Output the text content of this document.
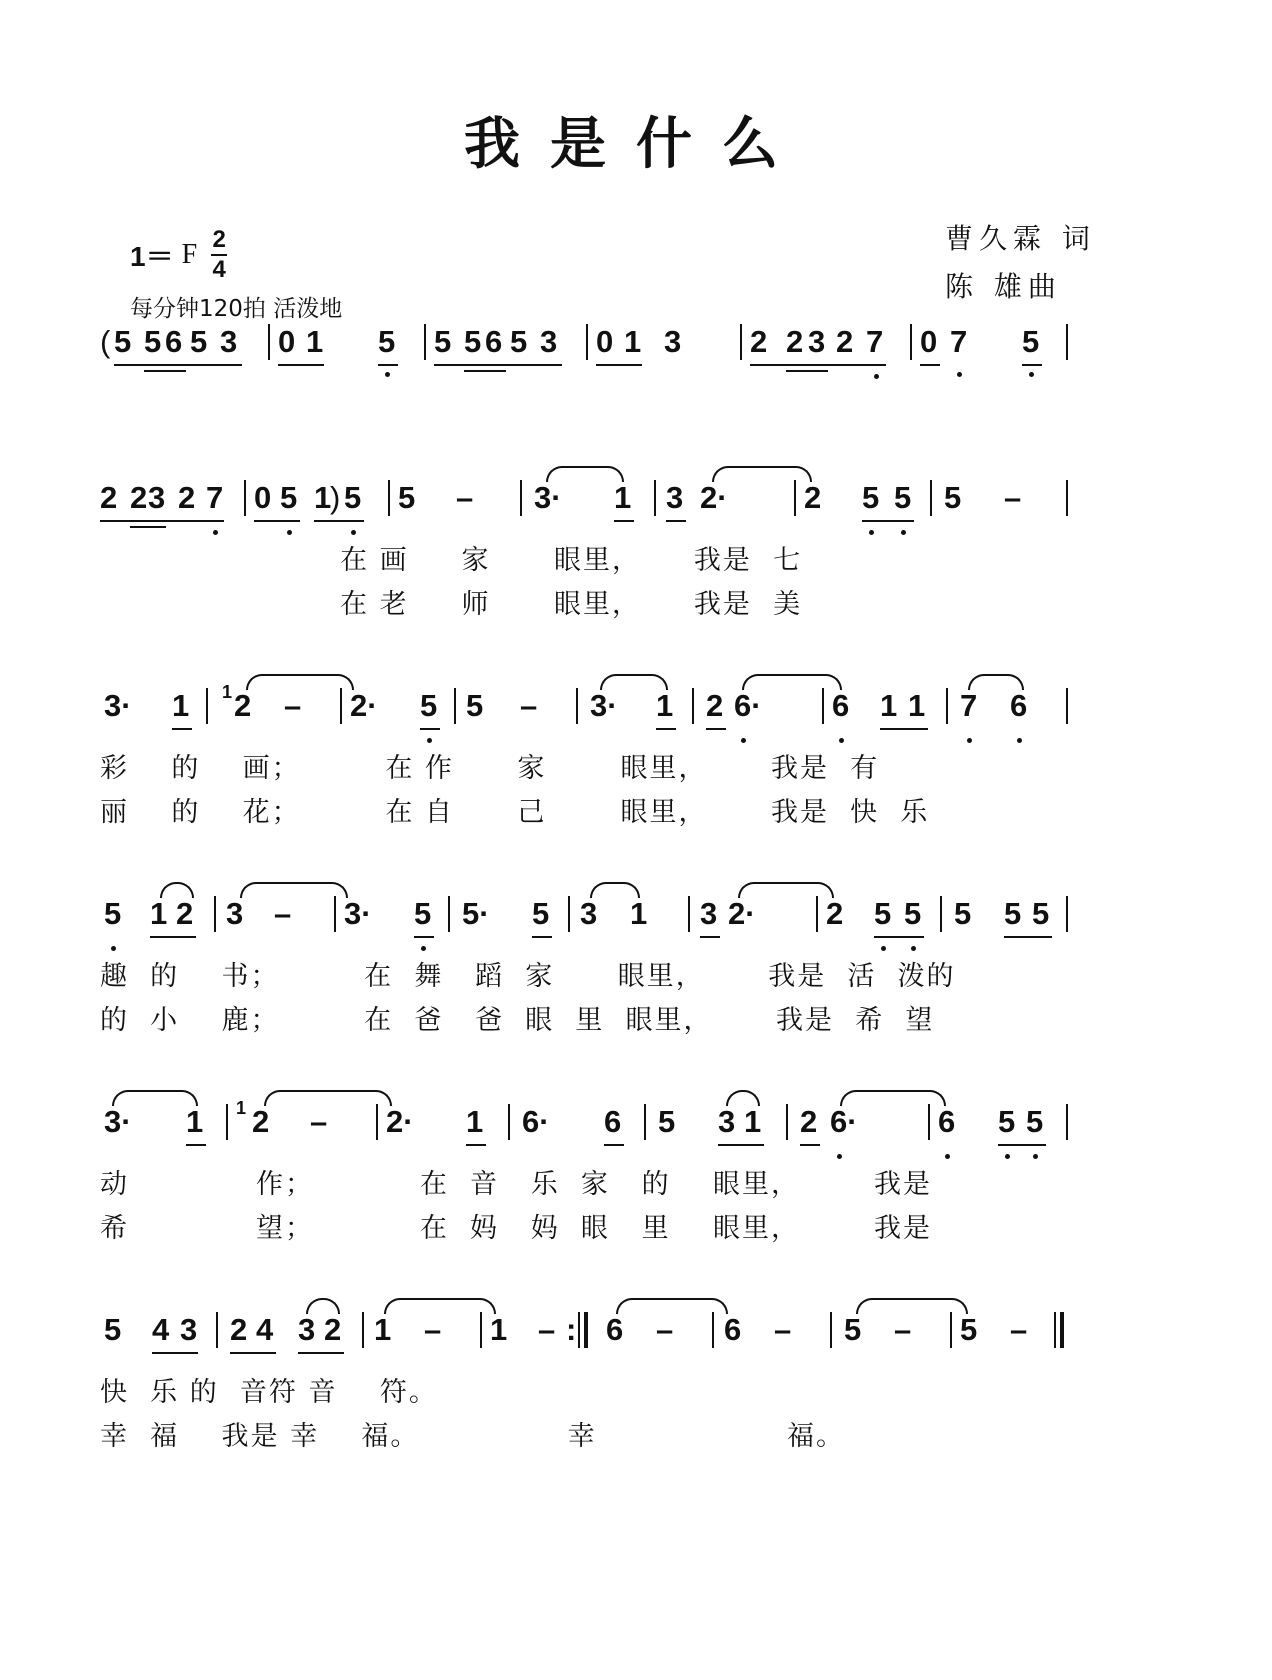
我是什么
1＝ F $\frac{2}{4}$
每分钟120拍 活泼地
曹久霖 词
陈 雄曲
( 5 5 6 5 3 0 1 5 5 5 6 5 3 0 1 3 2 2 3 2 7 0 7 5
2 2 3 2 7 0 5 1
) 5 5 – 3· 1 3 2· 2 5 5 5 –
在 画     家      眼里，     我是  七
在 老     师      眼里，     我是  美
3· 1 1 2 – 2· 5 5 – 3· 1 2 6· 6 1 1 7 6
彩    的    画；        在 作      家       眼里，      我是  有
丽    的    花；        在 自      己       眼里，      我是  快  乐
5 1 2 3 – 3· 5 5· 5 3 1 3 2· 2 5 5 5 5 5
趣  的    书；        在  舞   蹈  家      眼里，      我是  活  泼的
的  小    鹿；        在  爸   爸  眼  里  眼里，      我是  希  望
3· 1 1 2 – 2· 1 6· 6 5 3 1 2 6·	6 5 5
动            作；          在  音   乐  家   的    眼里，       我是
希            望；          在  妈   妈  眼   里    眼里，       我是
5 4 3 2 4 3 2 1 – 1 – : 6 – 6 – 5 – 5 –
快  乐 的  音符 音    符。
幸  福    我是 幸    福。              幸                  福。
